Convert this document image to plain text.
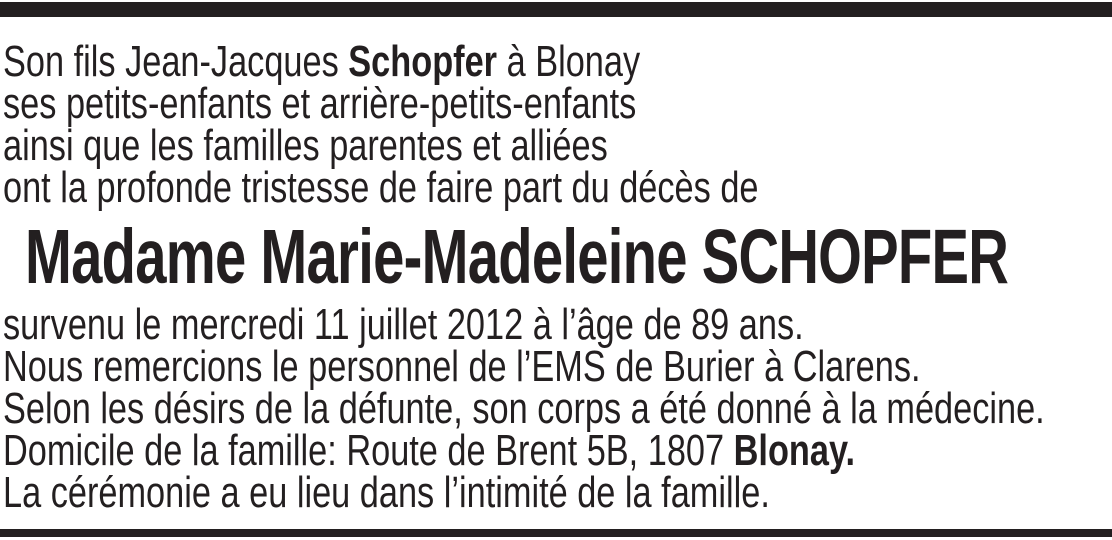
Son fils Jean-Jacques Schopfer à Blonay

ses petits-enfants et arrière-petits-enfants

ainsi que les familles parentes et alliées

ont la profonde tristesse de faire part du décès de

Madame Marie-Madeleine SCHOPFER

survenu le mercredi 11 juillet 2012 à l’âge de 89 ans.

Nous remercions le personnel de l’EMS de Burier à Clarens.

Selon les désirs de la défunte, son corps a été donné à la médecine.

Domicile de la famille: Route de Brent 5B, 1807 Blonay.

La cérémonie a eu lieu dans l’intimité de la famille.
